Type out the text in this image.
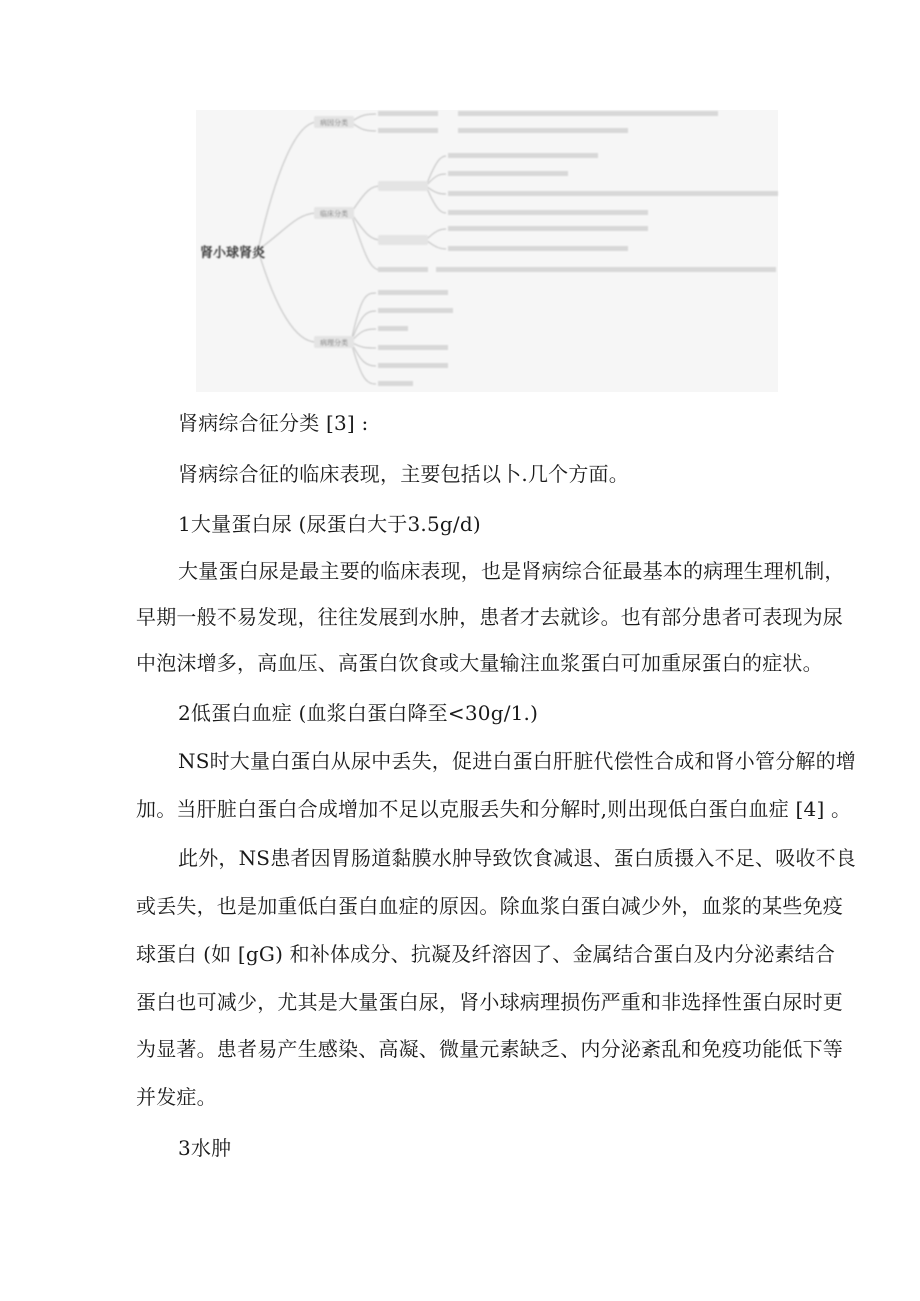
肾小球肾炎
病因分类
临床分类
病理分类
肾病综合征分类 [3] :
肾病综合征的临床表现，主要包括以卜.几个方面。
1大量蛋白尿 (尿蛋白大于3.5g/d)
大量蛋白尿是最主要的临床表现，也是肾病综合征最基本的病理生理机制，
早期一般不易发现，往往发展到水肿，患者才去就诊。也有部分患者可表现为尿
中泡沫增多，高血压、高蛋白饮食或大量输注血浆蛋白可加重尿蛋白的症状。
2低蛋白血症 (血浆白蛋白降至<30g/1.)
NS时大量白蛋白从尿中丢失，促进白蛋白肝脏代偿性合成和肾小管分解的增
加。当肝脏白蛋白合成增加不足以克服丢失和分解时,则出现低白蛋白血症 [4] 。
此外，NS患者因胃肠道黏膜水肿导致饮食减退、蛋白质摄入不足、吸收不良
或丢失，也是加重低白蛋白血症的原因。除血浆白蛋白减少外，血浆的某些免疫
球蛋白 (如 [gG) 和补体成分、抗凝及纤溶因了、金属结合蛋白及内分泌素结合
蛋白也可减少，尤其是大量蛋白尿，肾小球病理损伤严重和非选择性蛋白尿时更
为显著。患者易产生感染、高凝、微量元素缺乏、内分泌紊乱和免疫功能低下等
并发症。
3水肿
